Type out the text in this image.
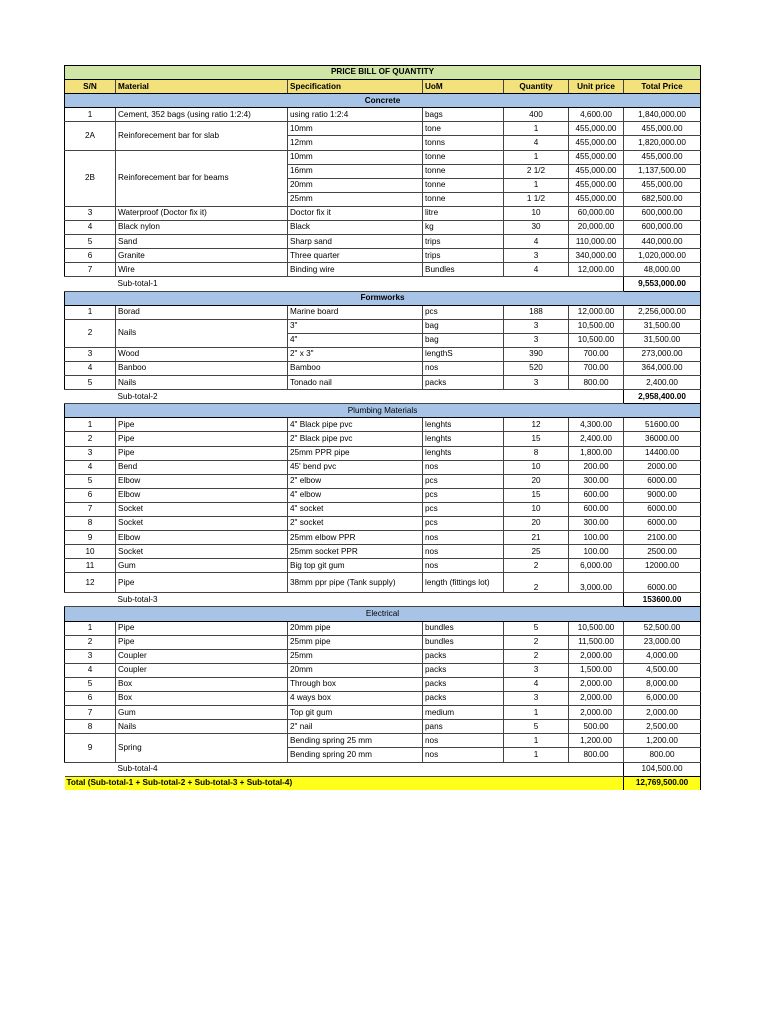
PRICE BILL OF QUANTITY						
S/N	Material	Specification	UoM	Quantity	Unit price	Total Price
Concrete						
1	Cement, 352 bags (using ratio 1:2:4)	using ratio 1:2:4	bags	400	4,600.00	1,840,000.00
2A	Reinforecement bar for slab	10mm	tone	1	455,000.00	455,000.00
		12mm	tonns	4	455,000.00	1,820,000.00
2B	Reinforecement bar for beams	10mm	tonne	1	455,000.00	455,000.00
		16mm	tonne	2 1/2	455,000.00	1,137,500.00
		20mm	tonne	1	455,000.00	455,000.00
		25mm	tonne	1 1/2	455,000.00	682,500.00
3	Waterproof (Doctor fix it)	Doctor fix it	litre	10	60,000.00	600,000.00
4	Black nylon	Black	kg	30	20,000.00	600,000.00
5	Sand	Sharp sand	trips	4	110,000.00	440,000.00
6	Granite	Three quarter	trips	3	340,000.00	1,020,000.00
7	Wire	Binding wire	Bundles	4	12,000.00	48,000.00
	Sub-total-1					9,553,000.00
Formworks						
1	Borad	Marine board	pcs	188	12,000.00	2,256,000.00
2	Nails	3"	bag	3	10,500.00	31,500.00
		4"	bag	3	10,500.00	31,500.00
3	Wood	2" x 3"	lengthS	390	700.00	273,000.00
4	Banboo	Bamboo	nos	520	700.00	364,000.00
5	Nails	Tonado nail	packs	3	800.00	2,400.00
	Sub-total-2					2,958,400.00
Plumbing Materials						
1	Pipe	4" Black pipe pvc	lenghts	12	4,300.00	51600.00
2	Pipe	2" Black pipe pvc	lenghts	15	2,400.00	36000.00
3	Pipe	25mm PPR pipe	lenghts	8	1,800.00	14400.00
4	Bend	45' bend pvc	nos	10	200.00	2000.00
5	Elbow	2" elbow	pcs	20	300.00	6000.00
6	Elbow	4" elbow	pcs	15	600.00	9000.00
7	Socket	4" socket	pcs	10	600.00	6000.00
8	Socket	2" socket	pcs	20	300.00	6000.00
9	Elbow	25mm elbow PPR	nos	21	100.00	2100.00
10	Socket	25mm socket PPR	nos	25	100.00	2500.00
11	Gum	Big top git gum	nos	2	6,000.00	12000.00
12	Pipe	38mm ppr pipe (Tank supply)	length (fittings lot)	2	3,000.00	6000.00
	Sub-total-3					153600.00
Electrical						
1	Pipe	20mm pipe	bundles	5	10,500.00	52,500.00
2	Pipe	25mm pipe	bundles	2	11,500.00	23,000.00
3	Coupler	25mm	packs	2	2,000.00	4,000.00
4	Coupler	20mm	packs	3	1,500.00	4,500.00
5	Box	Through box	packs	4	2,000.00	8,000.00
6	Box	4 ways box	packs	3	2,000.00	6,000.00
7	Gum	Top git gum	medium	1	2,000.00	2,000.00
8	Nails	2" nail	pans	5	500.00	2,500.00
9	Spring	Bending spring 25 mm	nos	1	1,200.00	1,200.00
		Bending spring 20 mm	nos	1	800.00	800.00
	Sub-total-4					104,500.00
Total (Sub-total-1 + Sub-total-2 + Sub-total-3 + Sub-total-4)						12,769,500.00
